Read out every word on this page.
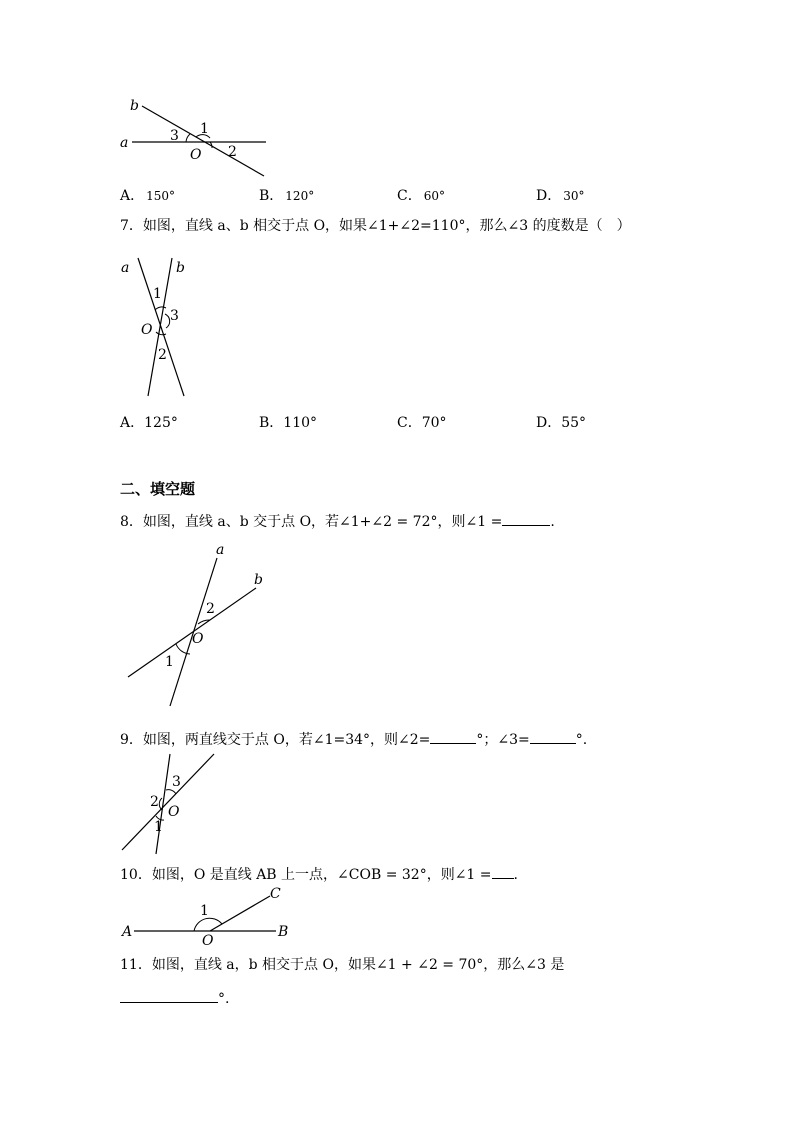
b
a
1
3
O 2
A． 150°	B． 120°	C． 60°	D． 30°
7．如图，直线 a、b 相交于点 O，如果∠1+∠2=110°，那么∠3 的度数是（　）
a	b
1
3
O
2
A．125°	B．110°	C．70°	D．55°
二、填空题
8．如图，直线 a、b 交于点 O，若∠1+∠2 = 72°，则∠1 =	.
a
b
2
O
1
9．如图，两直线交于点 O，若∠1=34°，则∠2=	°；∠3=	°.
3
2
O
1
10．如图，O 是直线 AB 上一点，∠COB = 32°，则∠1 = .
C
1
A
O
B
11．如图，直线 a，b 相交于点 O，如果∠1 + ∠2 = 70°，那么∠3 是
°.
